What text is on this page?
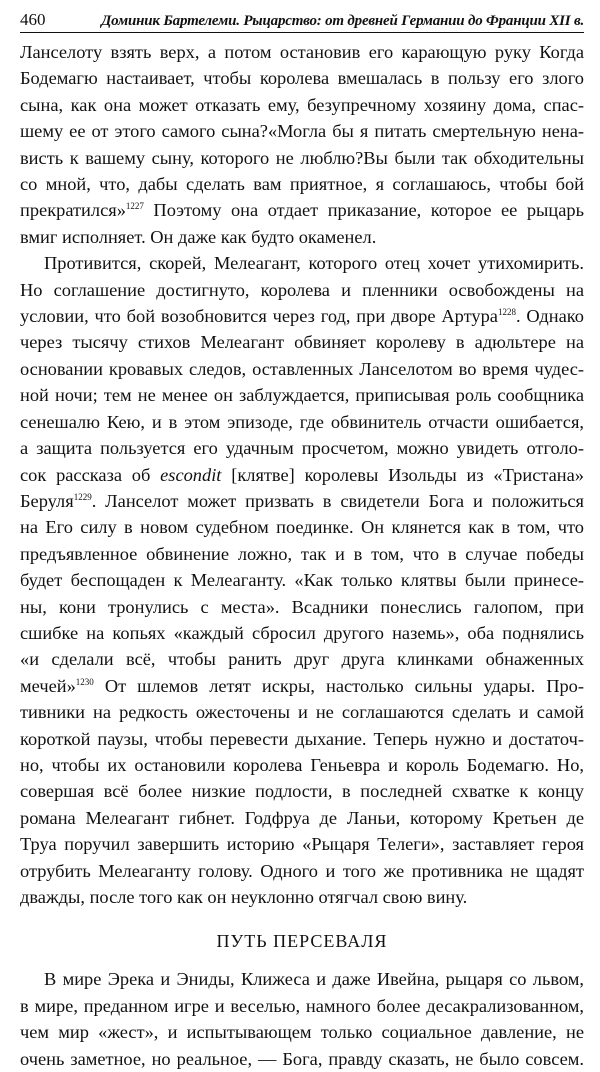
460	Доминик Бартелеми. Рыцарство: от древней Германии до Франции XII в.
Ланселоту взять верх, а потом остановив его карающую руку Когда
Бодемагю настаивает, чтобы королева вмешалась в пользу его злого
сына, как она может отказать ему, безупречному хозяину дома, спас-
шему ее от этого самого сына?«Могла бы я питать смертельную нена-
висть к вашему сыну, которого не люблю?Вы были так обходительны
со мной, что, дабы сделать вам приятное, я соглашаюсь, чтобы бой
прекратился»$^{1227}$ Поэтому она отдает приказание, которое ее рыцарь
вмиг исполняет. Он даже как будто окаменел.
Противится, скорей, Мелеагант, которого отец хочет утихомирить.
Но соглашение достигнуто, королева и пленники освобождены на
условии, что бой возобновится через год, при дворе Артура$^{1228}$. Однако
через тысячу стихов Мелеагант обвиняет королеву в адюльтере на
основании кровавых следов, оставленных Ланселотом во время чудес-
ной ночи; тем не менее он заблуждается, приписывая роль сообщника
сенешалю Кею, и в этом эпизоде, где обвинитель отчасти ошибается,
а защита пользуется его удачным просчетом, можно увидеть отголо-
сок рассказа об escondit [клятве] королевы Изольды из «Тристана»
Беруля$^{1229}$. Ланселот может призвать в свидетели Бога и положиться
на Его силу в новом судебном поединке. Он клянется как в том, что
предъявленное обвинение ложно, так и в том, что в случае победы
будет беспощаден к Мелеаганту. «Как только клятвы были принесе-
ны, кони тронулись с места». Всадники понеслись галопом, при
сшибке на копьях «каждый сбросил другого наземь», оба поднялись
«и сделали всё, чтобы ранить друг друга клинками обнаженных
мечей»$^{1230}$ От шлемов летят искры, настолько сильны удары. Про-
тивники на редкость ожесточены и не соглашаются сделать и самой
короткой паузы, чтобы перевести дыхание. Теперь нужно и достаточ-
но, чтобы их остановили королева Геньевра и король Бодемагю. Но,
совершая всё более низкие подлости, в последней схватке к концу
романа Мелеагант гибнет. Годфруа де Ланьи, которому Кретьен де
Труа поручил завершить историю «Рыцаря Телеги», заставляет героя
отрубить Мелеаганту голову. Одного и того же противника не щадят
дважды, после того как он неуклонно отягчал свою вину.
ПУТЬ ПЕРСЕВАЛЯ
В мире Эрека и Эниды, Клижеса и даже Ивейна, рыцаря со львом,
в мире, преданном игре и веселью, намного более десакрализованном,
чем мир «жест», и испытывающем только социальное давление, не
очень заметное, но реальное, — Бога, правду сказать, не было совсем.
